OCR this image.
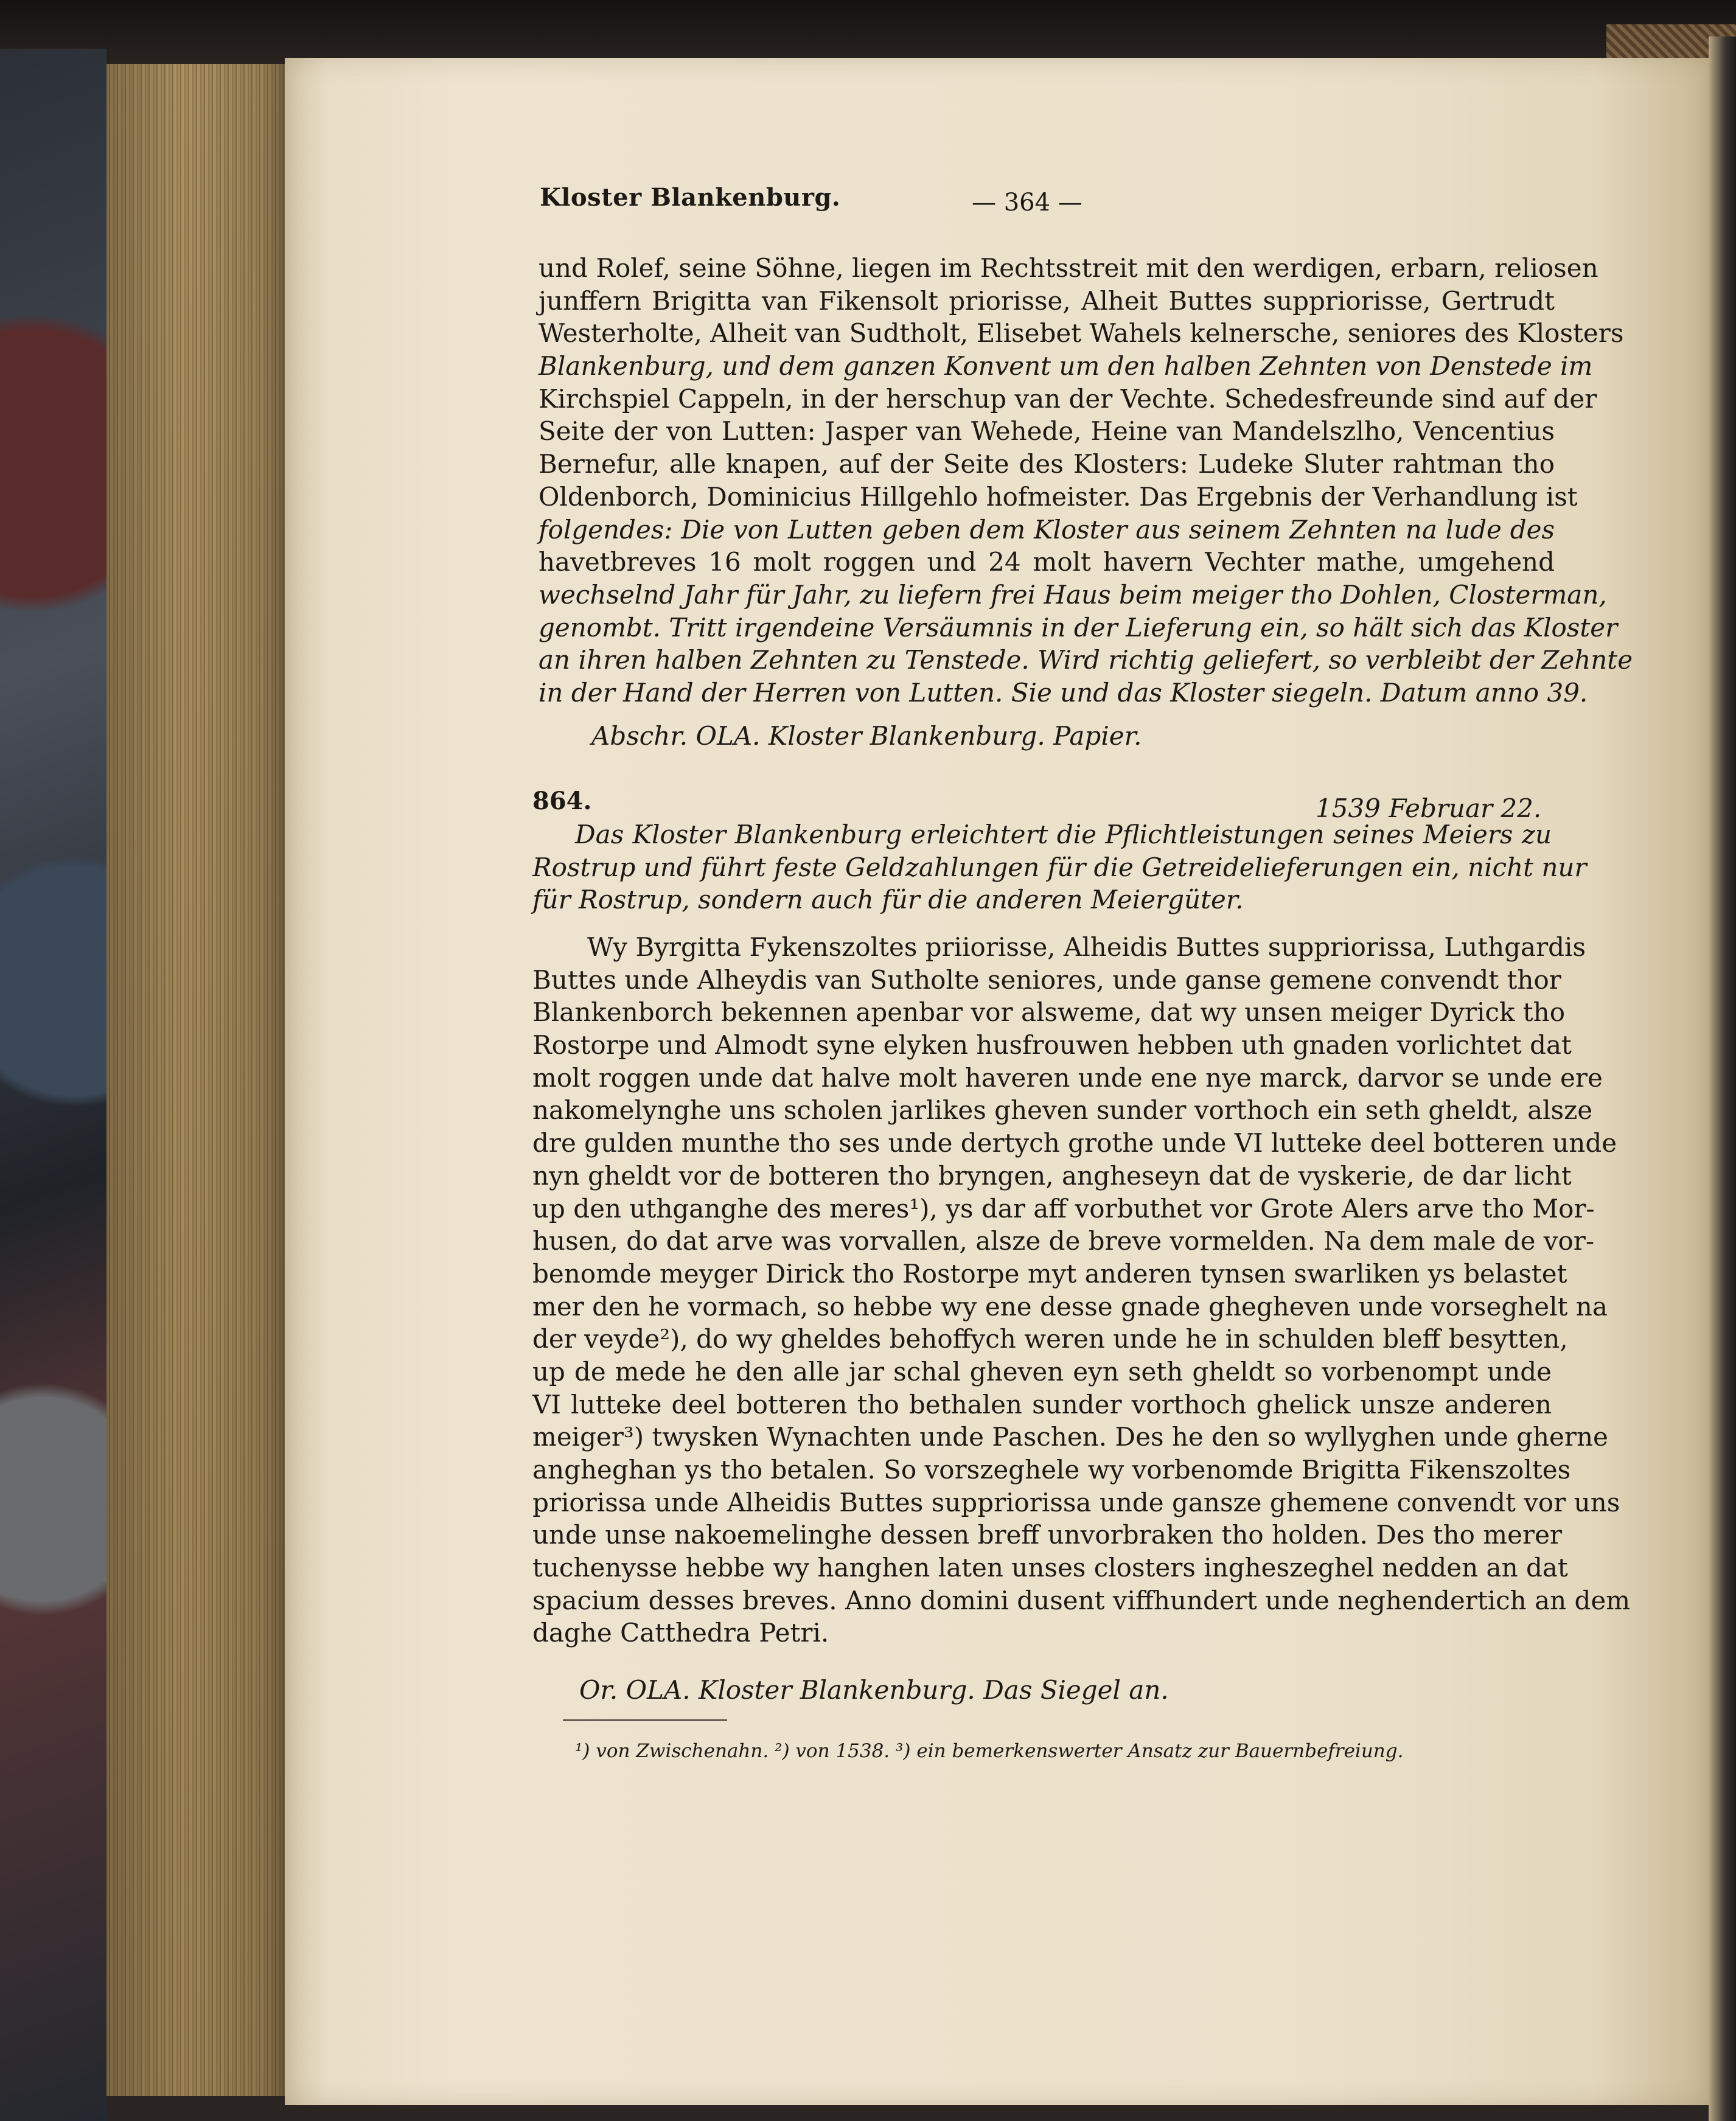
Kloster Blankenburg.	— 364 —
und Rolef, seine Söhne, liegen im Rechtsstreit mit den werdigen, erbarn, reliosen
junffern Brigitta van Fikensolt priorisse, Alheit Buttes suppriorisse, Gertrudt
Westerholte, Alheit van Sudtholt, Elisebet Wahels kelnersche, seniores des Klosters
Blankenburg, und dem ganzen Konvent um den halben Zehnten von Denstede im
Kirchspiel Cappeln, in der herschup van der Vechte. Schedesfreunde sind auf der
Seite der von Lutten: Jasper van Wehede, Heine van Mandelszlho, Vencentius
Bernefur, alle knapen, auf der Seite des Klosters: Ludeke Sluter rahtman tho
Oldenborch, Dominicius Hillgehlo hofmeister. Das Ergebnis der Verhandlung ist
folgendes: Die von Lutten geben dem Kloster aus seinem Zehnten na lude des
havetbreves 16 molt roggen und 24 molt havern Vechter mathe, umgehend
wechselnd Jahr für Jahr, zu liefern frei Haus beim meiger tho Dohlen, Closterman,
genombt. Tritt irgendeine Versäumnis in der Lieferung ein, so hält sich das Kloster
an ihren halben Zehnten zu Tenstede. Wird richtig geliefert, so verbleibt der Zehnte
in der Hand der Herren von Lutten. Sie und das Kloster siegeln. Datum anno 39.
Abschr. OLA. Kloster Blankenburg. Papier.
864.	1539 Februar 22.
Das Kloster Blankenburg erleichtert die Pflichtleistungen seines Meiers zu
Rostrup und führt feste Geldzahlungen für die Getreidelieferungen ein, nicht nur
für Rostrup, sondern auch für die anderen Meiergüter.
Wy Byrgitta Fykenszoltes priiorisse, Alheidis Buttes suppriorissa, Luthgardis
Buttes unde Alheydis van Sutholte seniores, unde ganse gemene convendt thor
Blankenborch bekennen apenbar vor alsweme, dat wy unsen meiger Dyrick tho
Rostorpe und Almodt syne elyken husfrouwen hebben uth gnaden vorlichtet dat
molt roggen unde dat halve molt haveren unde ene nye marck, darvor se unde ere
nakomelynghe uns scholen jarlikes gheven sunder vorthoch ein seth gheldt, alsze
dre gulden munthe tho ses unde dertych grothe unde VI lutteke deel botteren unde
nyn gheldt vor de botteren tho bryngen, angheseyn dat de vyskerie, de dar licht
up den uthganghe des meres¹), ys dar aff vorbuthet vor Grote Alers arve tho Mor-
husen, do dat arve was vorvallen, alsze de breve vormelden. Na dem male de vor-
benomde meyger Dirick tho Rostorpe myt anderen tynsen swarliken ys belastet
mer den he vormach, so hebbe wy ene desse gnade ghegheven unde vorseghelt na
der veyde²), do wy gheldes behoffych weren unde he in schulden bleff besytten,
up de mede he den alle jar schal gheven eyn seth gheldt so vorbenompt unde
VI lutteke deel botteren tho bethalen sunder vorthoch ghelick unsze anderen
meiger³) twysken Wynachten unde Paschen. Des he den so wyllyghen unde gherne
angheghan ys tho betalen. So vorszeghele wy vorbenomde Brigitta Fikenszoltes
priorissa unde Alheidis Buttes suppriorissa unde gansze ghemene convendt vor uns
unde unse nakoemelinghe dessen breff unvorbraken tho holden. Des tho merer
tuchenysse hebbe wy hanghen laten unses closters ingheszeghel nedden an dat
spacium desses breves. Anno domini dusent viffhundert unde neghendertich an dem
daghe Catthedra Petri.
Or. OLA. Kloster Blankenburg. Das Siegel an.
¹) von Zwischenahn. ²) von 1538. ³) ein bemerkenswerter Ansatz zur Bauernbefreiung.
